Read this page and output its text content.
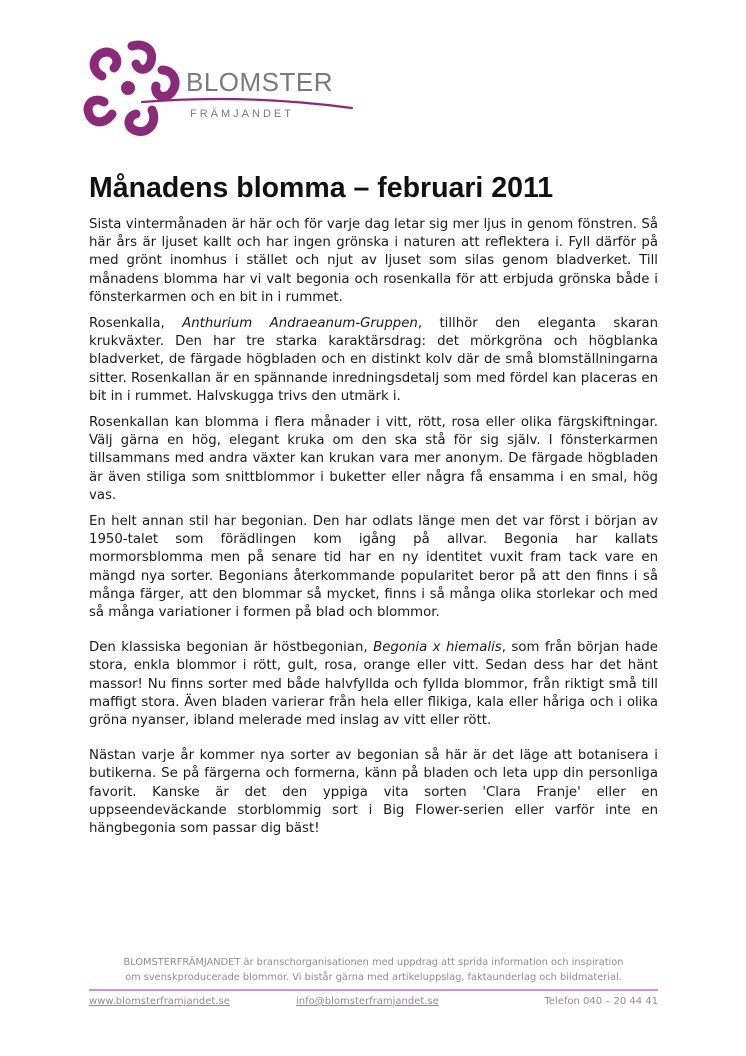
BLOMSTER
FRÄMJANDET
Månadens blomma – februari 2011

Sista vintermånaden är här och för varje dag letar sig mer ljus in genom fönstren. Så här års är ljuset kallt och har ingen grönska i naturen att reflektera i. Fyll därför på med grönt inomhus i stället och njut av ljuset som silas genom bladverket. Till månadens blomma har vi valt begonia och rosenkalla för att erbjuda grönska både i fönsterkarmen och en bit in i rummet.

Rosenkalla, Anthurium Andraeanum-Gruppen, tillhör den eleganta skaran krukväxter. Den har tre starka karaktärsdrag: det mörkgröna och högblanka bladverket, de färgade högbladen och en distinkt kolv där de små blomställningarna sitter. Rosenkallan är en spännande inredningsdetalj som med fördel kan placeras en bit in i rummet. Halvskugga trivs den utmärk i.

Rosenkallan kan blomma i flera månader i vitt, rött, rosa eller olika färgskiftningar. Välj gärna en hög, elegant kruka om den ska stå för sig själv. I fönsterkarmen tillsammans med andra växter kan krukan vara mer anonym. De färgade högbladen är även stiliga som snittblommor i buketter eller några få ensamma i en smal, hög vas.

En helt annan stil har begonian. Den har odlats länge men det var först i början av 1950-talet som förädlingen kom igång på allvar. Begonia har kallats mormorsblomma men på senare tid har en ny identitet vuxit fram tack vare en mängd nya sorter. Begonians återkommande popularitet beror på att den finns i så många färger, att den blommar så mycket, finns i så många olika storlekar och med så många variationer i formen på blad och blommor.

Den klassiska begonian är höstbegonian, Begonia x hiemalis, som från början hade stora, enkla blommor i rött, gult, rosa, orange eller vitt. Sedan dess har det hänt massor! Nu finns sorter med både halvfyllda och fyllda blommor, från riktigt små till maffigt stora. Även bladen varierar från hela eller flikiga, kala eller håriga och i olika gröna nyanser, ibland melerade med inslag av vitt eller rött.

Nästan varje år kommer nya sorter av begonian så här är det läge att botanisera i butikerna. Se på färgerna och formerna, känn på bladen och leta upp din personliga favorit. Kanske är det den yppiga vita sorten 'Clara Franje' eller en uppseendeväckande storblommig sort i Big Flower-serien eller varför inte en hängbegonia som passar dig bäst!

BLOMSTERFRÄMJANDET är branschorganisationen med uppdrag att sprida information och inspiration
om svenskproducerade blommor. Vi bistår gärna med artikeluppslag, faktaunderlag och bildmaterial.
www.blomsterframjandet.se	info@blomsterframjandet.se	Telefon 040 – 20 44 41
